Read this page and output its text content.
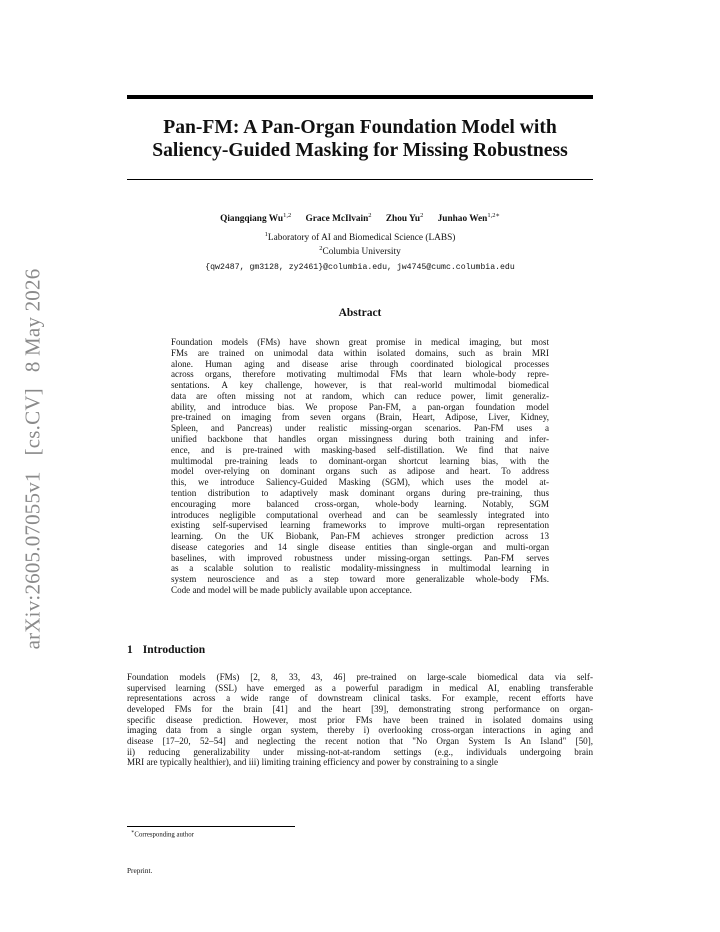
arXiv:2605.07055v1[cs.CV]8 May 2026
Pan-FM: A Pan-Organ Foundation Model with
Saliency-Guided Masking for Missing Robustness
Qiangqiang Wu$^{1,2}$ Grace McIlvain$^2$ Zhou Yu$^2$ Junhao Wen$^{1,2∗}$
$^1$Laboratory of AI and Biomedical Science (LABS)
$^2$Columbia University
{qw2487, gm3128, zy2461}@columbia.edu, jw4745@cumc.columbia.edu
Abstract
Foundation models (FMs) have shown great promise in medical imaging, but most
FMs are trained on unimodal data within isolated domains, such as brain MRI
alone. Human aging and disease arise through coordinated biological processes
across organs, therefore motivating multimodal FMs that learn whole-body repre-
sentations. A key challenge, however, is that real-world multimodal biomedical
data are often missing not at random, which can reduce power, limit generaliz-
ability, and introduce bias. We propose Pan-FM, a pan-organ foundation model
pre-trained on imaging from seven organs (Brain, Heart, Adipose, Liver, Kidney,
Spleen, and Pancreas) under realistic missing-organ scenarios. Pan-FM uses a
unified backbone that handles organ missingness during both training and infer-
ence, and is pre-trained with masking-based self-distillation. We find that naive
multimodal pre-training leads to dominant-organ shortcut learning bias, with the
model over-relying on dominant organs such as adipose and heart. To address
this, we introduce Saliency-Guided Masking (SGM), which uses the model at-
tention distribution to adaptively mask dominant organs during pre-training, thus
encouraging more balanced cross-organ, whole-body learning. Notably, SGM
introduces negligible computational overhead and can be seamlessly integrated into
existing self-supervised learning frameworks to improve multi-organ representation
learning. On the UK Biobank, Pan-FM achieves stronger prediction across 13
disease categories and 14 single disease entities than single-organ and multi-organ
baselines, with improved robustness under missing-organ settings. Pan-FM serves
as a scalable solution to realistic modality-missingness in multimodal learning in
system neuroscience and as a step toward more generalizable whole-body FMs.
Code and model will be made publicly available upon acceptance.
1 Introduction
Foundation models (FMs) [2, 8, 33, 43, 46] pre-trained on large-scale biomedical data via self-
supervised learning (SSL) have emerged as a powerful paradigm in medical AI, enabling transferable
representations across a wide range of downstream clinical tasks. For example, recent efforts have
developed FMs for the brain [41] and the heart [39], demonstrating strong performance on organ-
specific disease prediction. However, most prior FMs have been trained in isolated domains using
imaging data from a single organ system, thereby i) overlooking cross-organ interactions in aging and
disease [17–20, 52–54] and neglecting the recent notion that "No Organ System Is An Island" [50],
ii) reducing generalizability under missing-not-at-random settings (e.g., individuals undergoing brain
MRI are typically healthier), and iii) limiting training efficiency and power by constraining to a single
∗Corresponding author
Preprint.
